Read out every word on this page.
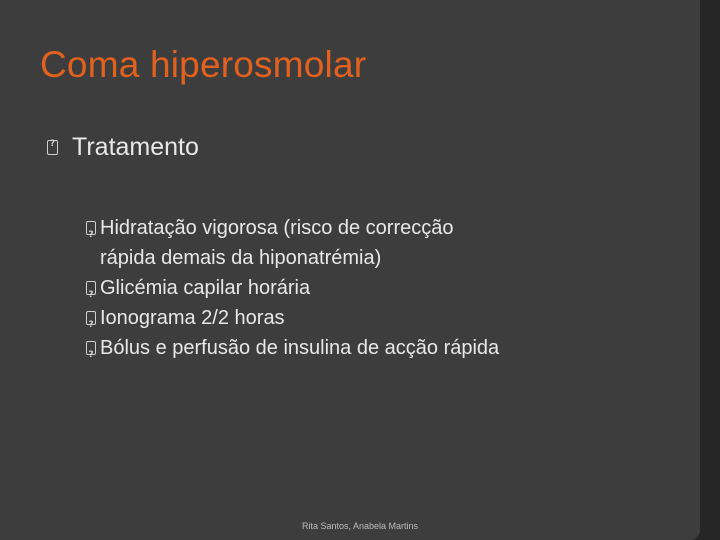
Coma hiperosmolar
?
Tratamento
?
Hidratação vigorosa (risco de correcção
rápida demais da hiponatrémia)
?
Glicémia capilar horária
?
Ionograma 2/2 horas
?
Bólus e perfusão de insulina de acção rápida
Rita Santos, Anabela Martins
